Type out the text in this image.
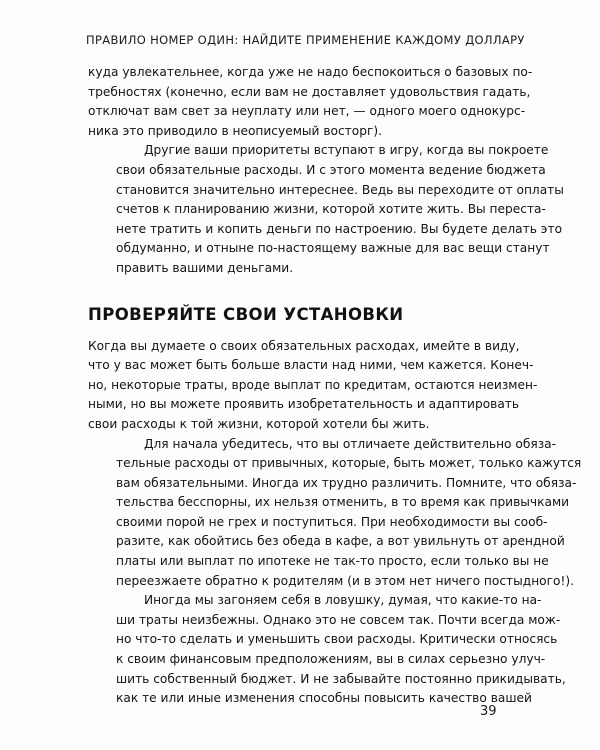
ПРАВИЛО НОМЕР ОДИН: НАЙДИТЕ ПРИМЕНЕНИЕ КАЖДОМУ ДОЛЛАРУ

куда увлекательнее, когда уже не надо беспокоиться о базовых по-
требностях (конечно, если вам не доставляет удовольствия гадать,
отключат вам свет за неуплату или нет, — одного моего однокурс-
ника это приводило в неописуемый восторг).

Другие ваши приоритеты вступают в игру, когда вы покроете
свои обязательные расходы. И с этого момента ведение бюджета
становится значительно интереснее. Ведь вы переходите от оплаты
счетов к планированию жизни, которой хотите жить. Вы переста-
нете тратить и копить деньги по настроению. Вы будете делать это
обдуманно, и отныне по-настоящему важные для вас вещи станут
править вашими деньгами.

ПРОВЕРЯЙТЕ СВОИ УСТАНОВКИ

Когда вы думаете о своих обязательных расходах, имейте в виду,
что у вас может быть больше власти над ними, чем кажется. Конеч-
но, некоторые траты, вроде выплат по кредитам, остаются неизмен-
ными, но вы можете проявить изобретательность и адаптировать
свои расходы к той жизни, которой хотели бы жить.

Для начала убедитесь, что вы отличаете действительно обяза-
тельные расходы от привычных, которые, быть может, только кажутся
вам обязательными. Иногда их трудно различить. Помните, что обяза-
тельства бесспорны, их нельзя отменить, в то время как привычками
своими порой не грех и поступиться. При необходимости вы сооб-
разите, как обойтись без обеда в кафе, а вот увильнуть от арендной
платы или выплат по ипотеке не так-то просто, если только вы не
переезжаете обратно к родителям (и в этом нет ничего постыдного!).

Иногда мы загоняем себя в ловушку, думая, что какие-то на-
ши траты неизбежны. Однако это не совсем так. Почти всегда мож-
но что-то сделать и уменьшить свои расходы. Критически относясь
к своим финансовым предположениям, вы в силах серьезно улуч-
шить собственный бюджет. И не забывайте постоянно прикидывать,
как те или иные изменения способны повысить качество вашей

39
